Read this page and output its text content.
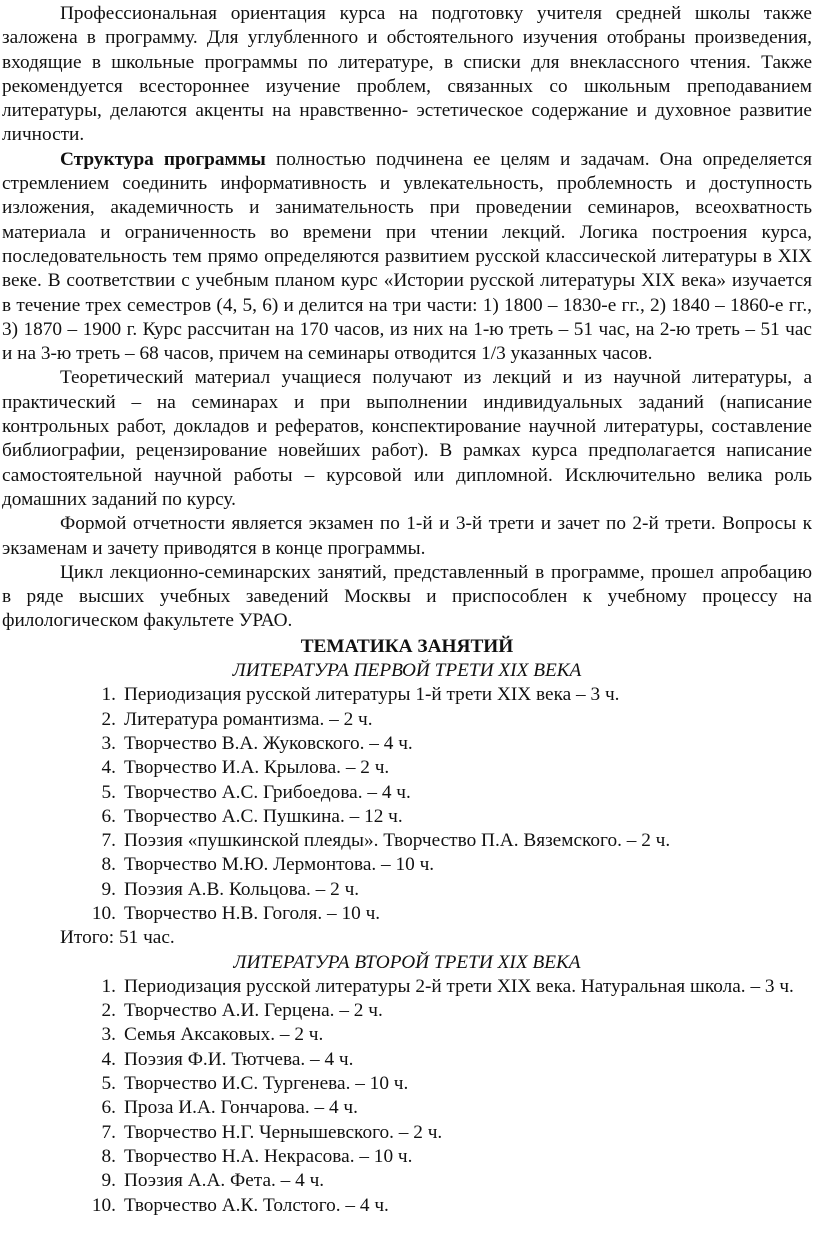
Профессиональная ориентация курса на подготовку учителя средней школы также заложена в программу. Для углубленного и обстоятельного изучения отобраны произведения, входящие в школьные программы по литературе, в списки для внеклассного чтения. Также рекомендуется всестороннее изучение проблем, связанных со школьным преподаванием литературы, делаются акценты на нравственно- эстетическое содержание и духовное развитие личности.

Структура программы полностью подчинена ее целям и задачам. Она определяется стремлением соединить информативность и увлекательность, проблемность и доступность изложения, академичность и занимательность при проведении семинаров, всеохватность материала и ограниченность во времени при чтении лекций. Логика построения курса, последовательность тем прямо определяются развитием русской классической литературы в XIX веке. В соответствии с учебным планом курс «Истории русской литературы XIX века» изучается в течение трех семестров (4, 5, 6) и делится на три части: 1) 1800 – 1830-е гг., 2) 1840 – 1860-е гг., 3) 1870 – 1900 г. Курс рассчитан на 170 часов, из них на 1-ю треть – 51 час, на 2-ю треть – 51 час и на 3-ю треть – 68 часов, причем на семинары отводится 1/3 указанных часов.

Теоретический материал учащиеся получают из лекций и из научной литературы, а практический – на семинарах и при выполнении индивидуальных заданий (написание контрольных работ, докладов и рефератов, конспектирование научной литературы, составление библиографии, рецензирование новейших работ). В рамках курса предполагается написание самостоятельной научной работы – курсовой или дипломной. Исключительно велика роль домашних заданий по курсу.

Формой отчетности является экзамен по 1-й и 3-й трети и зачет по 2-й трети. Вопросы к экзаменам и зачету приводятся в конце программы.

Цикл лекционно-семинарских занятий, представленный в программе, прошел апробацию в ряде высших учебных заведений Москвы и приспособлен к учебному процессу на филологическом факультете УРАО.

ТЕМАТИКА ЗАНЯТИЙ
ЛИТЕРАТУРА ПЕРВОЙ ТРЕТИ XIX ВЕКА
1. Периодизация русской литературы 1-й трети XIX века – 3 ч.
2. Литература романтизма. – 2 ч.
3. Творчество В.А. Жуковского. – 4 ч.
4. Творчество И.А. Крылова. – 2 ч.
5. Творчество А.С. Грибоедова. – 4 ч.
6. Творчество А.С. Пушкина. – 12 ч.
7. Поэзия «пушкинской плеяды». Творчество П.А. Вяземского. – 2 ч.
8. Творчество М.Ю. Лермонтова. – 10 ч.
9. Поэзия А.В. Кольцова. – 2 ч.
10. Творчество Н.В. Гоголя. – 10 ч.
Итого: 51 час.
ЛИТЕРАТУРА ВТОРОЙ ТРЕТИ XIX ВЕКА
1. Периодизация русской литературы 2-й трети XIX века. Натуральная школа. – 3 ч.
2. Творчество А.И. Герцена. – 2 ч.
3. Семья Аксаковых. – 2 ч.
4. Поэзия Ф.И. Тютчева. – 4 ч.
5. Творчество И.С. Тургенева. – 10 ч.
6. Проза И.А. Гончарова. – 4 ч.
7. Творчество Н.Г. Чернышевского. – 2 ч.
8. Творчество Н.А. Некрасова. – 10 ч.
9. Поэзия А.А. Фета. – 4 ч.
10. Творчество А.К. Толстого. – 4 ч.
